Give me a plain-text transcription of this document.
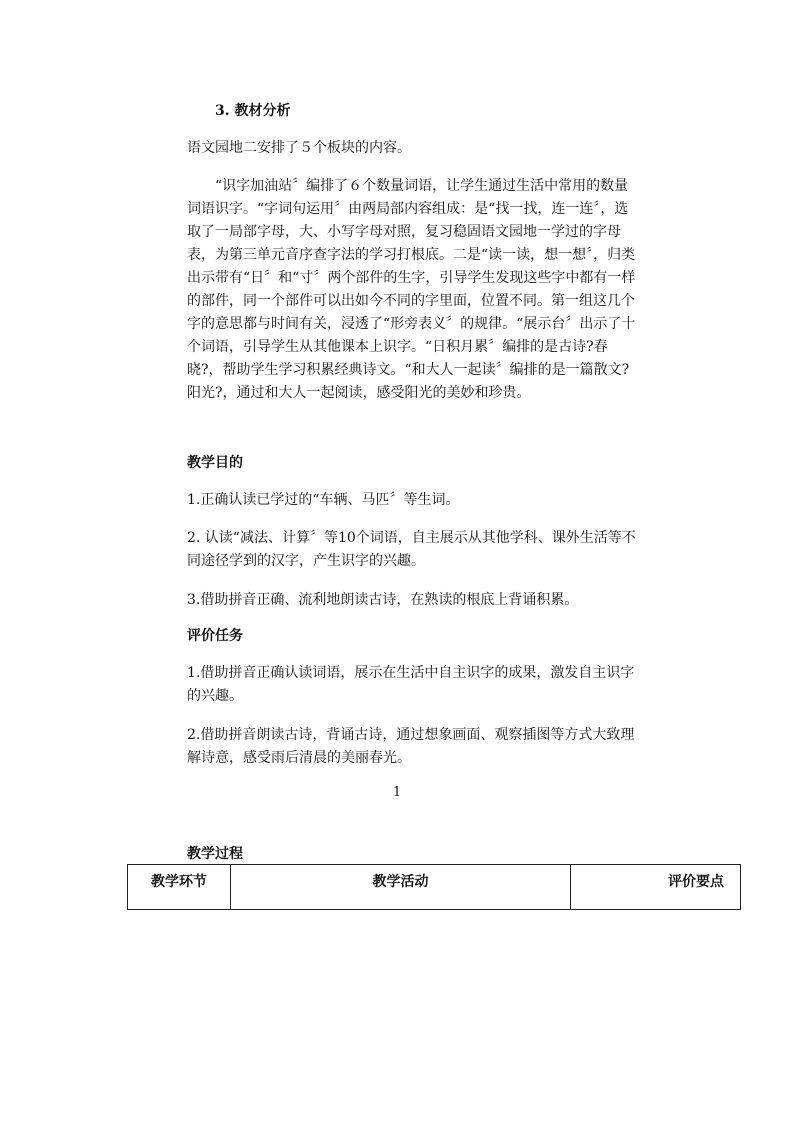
3. 教材分析

语文园地二安排了５个板块的内容。

“识字加油站〞编排了６个数量词语，让学生通过生活中常用的数量词语识字。“字词句运用〞由两局部内容组成：是“找一找，连一连〞，选取了一局部字母，大、小写字母对照，复习稳固语文园地一学过的字母表，为第三单元音序查字法的学习打根底。二是“读一读，想一想〞，归类出示带有“日〞和“寸〞两个部件的生字，引导学生发现这些字中都有一样的部件，同一个部件可以出如今不同的字里面，位置不同。第一组这几个字的意思都与时间有关，浸透了“形旁表义〞的规律。“展示台〞出示了十个词语，引导学生从其他课本上识字。“日积月累〞编排的是古诗?春晓?，帮助学生学习积累经典诗文。“和大人一起读〞编排的是一篇散文?阳光?，通过和大人一起阅读，感受阳光的美妙和珍贵。

教学目的

1.正确认读已学过的“车辆、马匹〞等生词。

2. 认读“减法、计算〞等10个词语，自主展示从其他学科、课外生活等不同途径学到的汉字，产生识字的兴趣。

3.借助拼音正确、流利地朗读古诗，在熟读的根底上背诵积累。

评价任务

1.借助拼音正确认读词语，展示在生活中自主识字的成果，激发自主识字的兴趣。

2.借助拼音朗读古诗，背诵古诗，通过想象画面、观察插图等方式大致理解诗意，感受雨后清晨的美丽春光。

1
教学过程
教学环节	教学活动	评价要点
